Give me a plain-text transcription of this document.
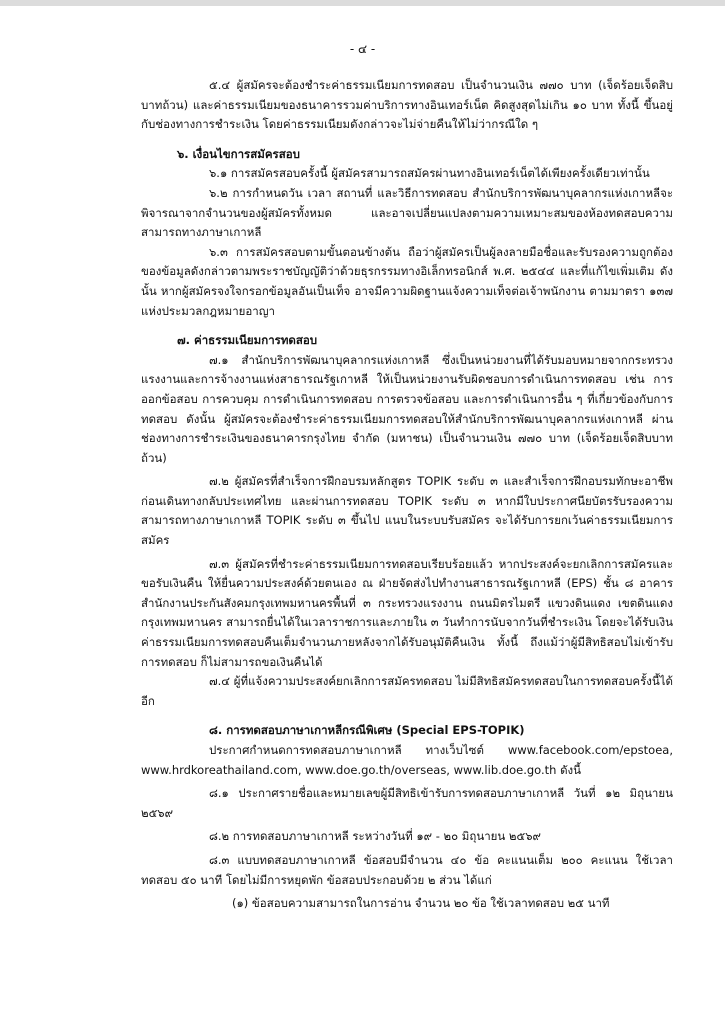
- ๔ -

๕.๔ ผู้สมัครจะต้องชำระค่าธรรมเนียมการทดสอบ เป็นจำนวนเงิน ๗๗๐ บาท (เจ็ดร้อยเจ็ดสิบบาทถ้วน) และค่าธรรมเนียมของธนาคารรวมค่าบริการทางอินเทอร์เน็ต คิดสูงสุดไม่เกิน ๑๐ บาท ทั้งนี้ ขึ้นอยู่กับช่องทางการชำระเงิน โดยค่าธรรมเนียมดังกล่าวจะไม่จ่ายคืนให้ไม่ว่ากรณีใด ๆ

๖. เงื่อนไขการสมัครสอบ

๖.๑ การสมัครสอบครั้งนี้ ผู้สมัครสามารถสมัครผ่านทางอินเทอร์เน็ตได้เพียงครั้งเดียวเท่านั้น

๖.๒ การกำหนดวัน เวลา สถานที่ และวิธีการทดสอบ สำนักบริการพัฒนาบุคลากรแห่งเกาหลีจะพิจารณาจากจำนวนของผู้สมัครทั้งหมด และอาจเปลี่ยนแปลงตามความเหมาะสมของห้องทดสอบความสามารถทางภาษาเกาหลี

๖.๓ การสมัครสอบตามขั้นตอนข้างต้น ถือว่าผู้สมัครเป็นผู้ลงลายมือชื่อและรับรองความถูกต้องของข้อมูลดังกล่าวตามพระราชบัญญัติว่าด้วยธุรกรรมทางอิเล็กทรอนิกส์ พ.ศ. ๒๕๔๔ และที่แก้ไขเพิ่มเติม ดังนั้น หากผู้สมัครจงใจกรอกข้อมูลอันเป็นเท็จ อาจมีความผิดฐานแจ้งความเท็จต่อเจ้าพนักงาน ตามมาตรา ๑๓๗ แห่งประมวลกฎหมายอาญา

๗. ค่าธรรมเนียมการทดสอบ

๗.๑ สำนักบริการพัฒนาบุคลากรแห่งเกาหลี ซึ่งเป็นหน่วยงานที่ได้รับมอบหมายจากกระทรวงแรงงานและการจ้างงานแห่งสาธารณรัฐเกาหลี ให้เป็นหน่วยงานรับผิดชอบการดำเนินการทดสอบ เช่น การออกข้อสอบ การควบคุม การดำเนินการทดสอบ การตรวจข้อสอบ และการดำเนินการอื่น ๆ ที่เกี่ยวข้องกับการทดสอบ ดังนั้น ผู้สมัครจะต้องชำระค่าธรรมเนียมการทดสอบให้สำนักบริการพัฒนาบุคลากรแห่งเกาหลี ผ่านช่องทางการชำระเงินของธนาคารกรุงไทย จำกัด (มหาชน) เป็นจำนวนเงิน ๗๗๐ บาท (เจ็ดร้อยเจ็ดสิบบาทถ้วน)

๗.๒ ผู้สมัครที่สำเร็จการฝึกอบรมหลักสูตร TOPIK ระดับ ๓ และสำเร็จการฝึกอบรมทักษะอาชีพก่อนเดินทางกลับประเทศไทย และผ่านการทดสอบ TOPIK ระดับ ๓ หากมีใบประกาศนียบัตรรับรองความสามารถทางภาษาเกาหลี TOPIK ระดับ ๓ ขึ้นไป แนบในระบบรับสมัคร จะได้รับการยกเว้นค่าธรรมเนียมการสมัคร

๗.๓ ผู้สมัครที่ชำระค่าธรรมเนียมการทดสอบเรียบร้อยแล้ว หากประสงค์จะยกเลิกการสมัครและขอรับเงินคืน ให้ยื่นความประสงค์ด้วยตนเอง ณ ฝ่ายจัดส่งไปทำงานสาธารณรัฐเกาหลี (EPS) ชั้น ๘ อาคารสำนักงานประกันสังคมกรุงเทพมหานครพื้นที่ ๓ กระทรวงแรงงาน ถนนมิตรไมตรี แขวงดินแดง เขตดินแดง กรุงเทพมหานคร สามารถยื่นได้ในเวลาราชการและภายใน ๓ วันทำการนับจากวันที่ชำระเงิน โดยจะได้รับเงินค่าธรรมเนียมการทดสอบคืนเต็มจำนวนภายหลังจากได้รับอนุมัติคืนเงิน ทั้งนี้ ถึงแม้ว่าผู้มีสิทธิสอบไม่เข้ารับการทดสอบ ก็ไม่สามารถขอเงินคืนได้

๗.๔ ผู้ที่แจ้งความประสงค์ยกเลิกการสมัครทดสอบ ไม่มีสิทธิสมัครทดสอบในการทดสอบครั้งนี้ได้อีก

๘. การทดสอบภาษาเกาหลีกรณีพิเศษ (Special EPS-TOPIK)

ประกาศกำหนดการทดสอบภาษาเกาหลี ทางเว็บไซต์ www.facebook.com/epstoea, www.hrdkoreathailand.com, www.doe.go.th/overseas, www.lib.doe.go.th ดังนี้

๘.๑ ประกาศรายชื่อและหมายเลขผู้มีสิทธิเข้ารับการทดสอบภาษาเกาหลี วันที่ ๑๒ มิถุนายน ๒๕๖๙

๘.๒ การทดสอบภาษาเกาหลี ระหว่างวันที่ ๑๙ - ๒๐ มิถุนายน ๒๕๖๙

๘.๓ แบบทดสอบภาษาเกาหลี ข้อสอบมีจำนวน ๔๐ ข้อ คะแนนเต็ม ๒๐๐ คะแนน ใช้เวลาทดสอบ ๕๐ นาที โดยไม่มีการหยุดพัก ข้อสอบประกอบด้วย ๒ ส่วน ได้แก่

(๑) ข้อสอบความสามารถในการอ่าน จำนวน ๒๐ ข้อ ใช้เวลาทดสอบ ๒๕ นาที
